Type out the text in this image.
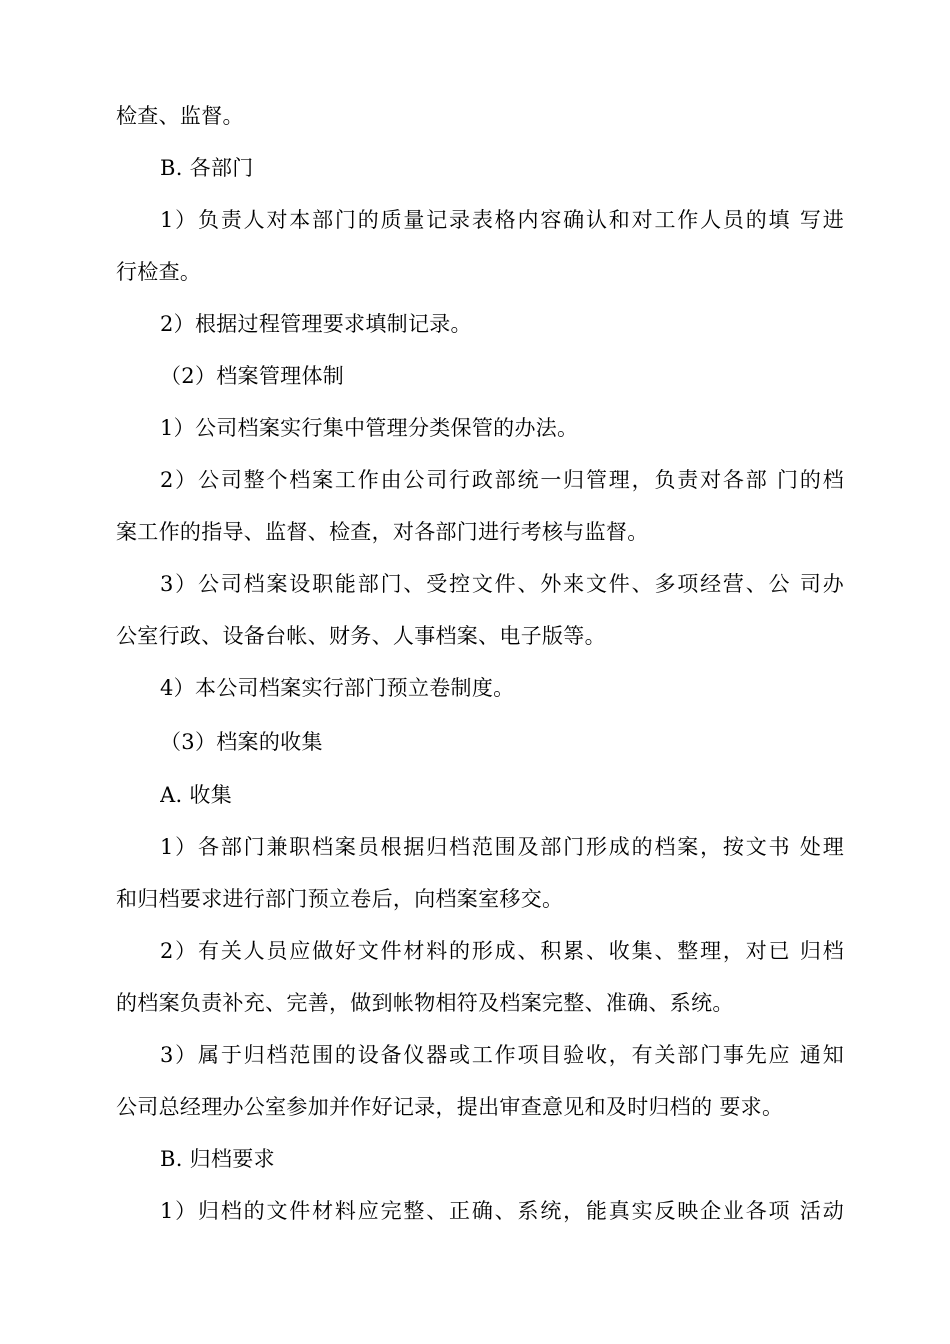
检查、监督。
B. 各部门
1）负责人对本部门的质量记录表格内容确认和对工作人员的填 写进
行检查。
2）根据过程管理要求填制记录。
（2）档案管理体制
1）公司档案实行集中管理分类保管的办法。
2）公司整个档案工作由公司行政部统一归管理，负责对各部 门的档
案工作的指导、监督、检查，对各部门进行考核与监督。
3）公司档案设职能部门、受控文件、外来文件、多项经营、公 司办
公室行政、设备台帐、财务、人事档案、电子版等。
4）本公司档案实行部门预立卷制度。
（3）档案的收集
A. 收集
1）各部门兼职档案员根据归档范围及部门形成的档案，按文书 处理
和归档要求进行部门预立卷后，向档案室移交。
2）有关人员应做好文件材料的形成、积累、收集、整理，对已 归档
的档案负责补充、完善，做到帐物相符及档案完整、准确、系统。
3）属于归档范围的设备仪器或工作项目验收，有关部门事先应 通知
公司总经理办公室参加并作好记录，提出审查意见和及时归档的 要求。
B. 归档要求
1）归档的文件材料应完整、正确、系统，能真实反映企业各项 活动
